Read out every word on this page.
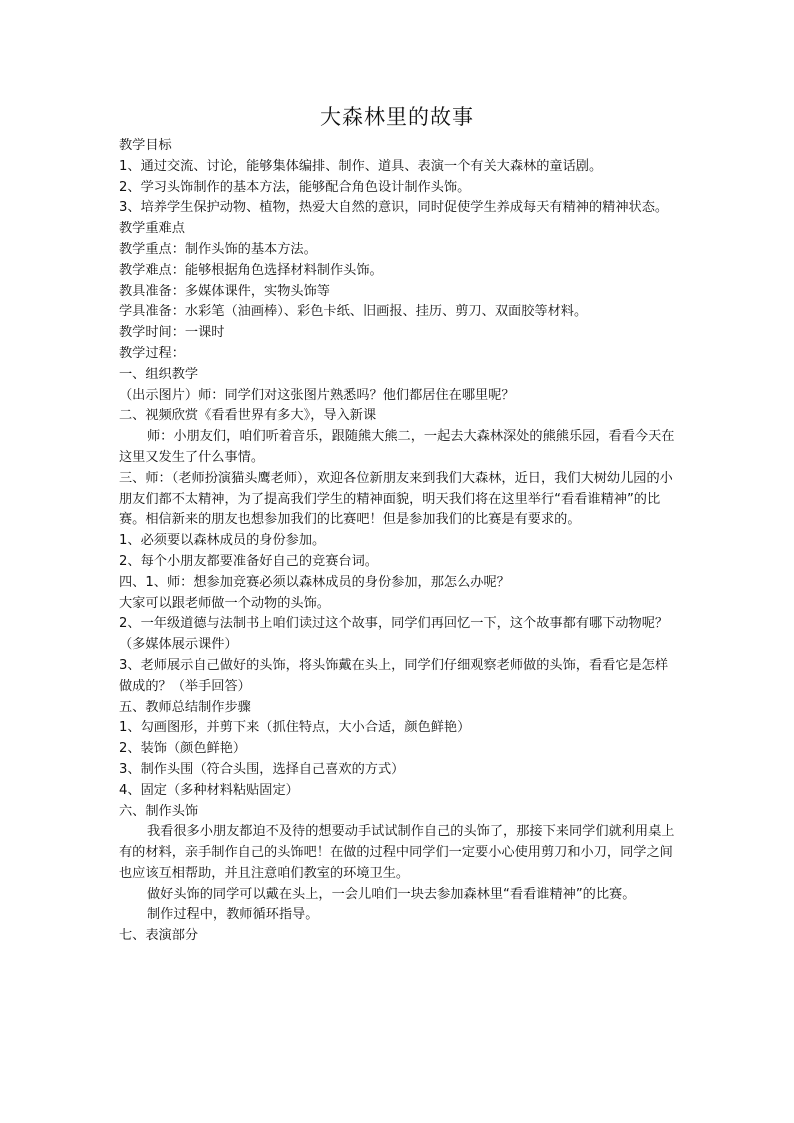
大森林里的故事

教学目标

1、通过交流、讨论，能够集体编排、制作、道具、表演一个有关大森林的童话剧。

2、学习头饰制作的基本方法，能够配合角色设计制作头饰。

3、培养学生保护动物、植物，热爱大自然的意识，同时促使学生养成每天有精神的精神状态。

教学重难点

教学重点：制作头饰的基本方法。

教学难点：能够根据角色选择材料制作头饰。

教具准备：多媒体课件，实物头饰等

学具准备：水彩笔（油画棒）、彩色卡纸、旧画报、挂历、剪刀、双面胶等材料。

教学时间：一课时

教学过程：

一、组织教学

（出示图片）师：同学们对这张图片熟悉吗？他们都居住在哪里呢？

二、视频欣赏《看看世界有多大》，导入新课

师：小朋友们，咱们听着音乐，跟随熊大熊二，一起去大森林深处的熊熊乐园，看看今天在这里又发生了什么事情。

三、师：（老师扮演猫头鹰老师），欢迎各位新朋友来到我们大森林，近日，我们大树幼儿园的小朋友们都不太精神，为了提高我们学生的精神面貌，明天我们将在这里举行“看看谁精神”的比赛。相信新来的朋友也想参加我们的比赛吧！但是参加我们的比赛是有要求的。

1、必须要以森林成员的身份参加。

2、每个小朋友都要准备好自己的竞赛台词。

四、1、师：想参加竞赛必须以森林成员的身份参加，那怎么办呢？

大家可以跟老师做一个动物的头饰。

2、一年级道德与法制书上咱们读过这个故事，同学们再回忆一下，这个故事都有哪下动物呢？（多媒体展示课件）

3、老师展示自己做好的头饰，将头饰戴在头上，同学们仔细观察老师做的头饰，看看它是怎样做成的？（举手回答）

五、教师总结制作步骤

1、勾画图形，并剪下来（抓住特点，大小合适，颜色鲜艳）

2、装饰（颜色鲜艳）

3、制作头围（符合头围，选择自己喜欢的方式）

4、固定（多种材料粘贴固定）

六、制作头饰

我看很多小朋友都迫不及待的想要动手试试制作自己的头饰了，那接下来同学们就利用桌上有的材料，亲手制作自己的头饰吧！在做的过程中同学们一定要小心使用剪刀和小刀，同学之间也应该互相帮助，并且注意咱们教室的环境卫生。

做好头饰的同学可以戴在头上，一会儿咱们一块去参加森林里“看看谁精神”的比赛。

制作过程中，教师循环指导。

七、表演部分
